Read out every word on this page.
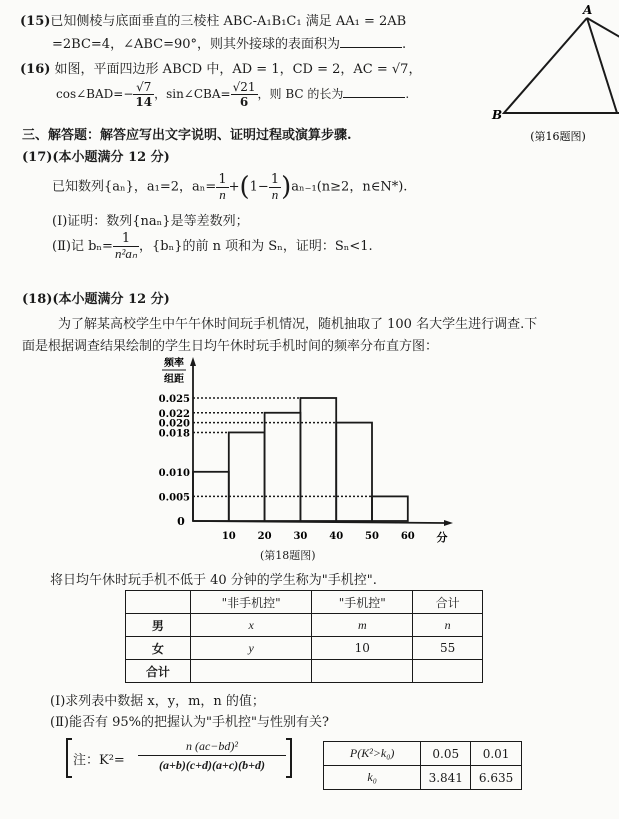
(15)已知侧棱与底面垂直的三棱柱 ABC-A₁B₁C₁ 满足 AA₁ = 2AB
=2BC=4，∠ABC=90°，则其外接球的表面积为	.
(16) 如图，平面四边形 ABCD 中，AD = 1，CD = 2，AC = √7，
cos∠BAD=− $\frac{√7}{14}$ ，sin∠CBA= $\frac{√21}{6}$ ，则 BC 的长为	.
A
B
(第16题图)
三、解答题：解答应写出文字说明、证明过程或演算步骤.
(17)(本小题满分 12 分)
已知数列{aₙ}，a₁=2，$a_n= \frac{1}{n} +(1- \frac{1}{n} )a_{n-1}(n\ge 2$，n∈N*).
(Ⅰ)证明：数列{naₙ}是等差数列；
(Ⅱ)记 $b_n= \frac{1}{\text{n²aₙ}}$ ，{bₙ}的前 n 项和为 Sₙ，证明：Sₙ<1.
(18)(本小题满分 12 分)
为了解某高校学生中午午休时间玩手机情况，随机抽取了 100 名大学生进行调查.下
面是根据调查结果绘制的学生日均午休时玩手机时间的频率分布直方图：
频率
组距
0.025
0.022
0.020
0.018
0.010
0.005
10 20 30 40 50 60
0
分
(第18题图)
将日均午休时玩手机不低于 40 分钟的学生称为"手机控".
	"非手机控"	"手机控"	合计
男	x	m	n
女	y	10	55
合计			
(Ⅰ)求列表中数据 x，y，m，n 的值；
(Ⅱ)能否有 95%的把握认为"手机控"与性别有关?
注：K²=
n (ac−bd)²
(a+b)(c+d)(a+c)(b+d)
P(K²>k₀)	0.05	0.01
k₀	3.841	6.635
